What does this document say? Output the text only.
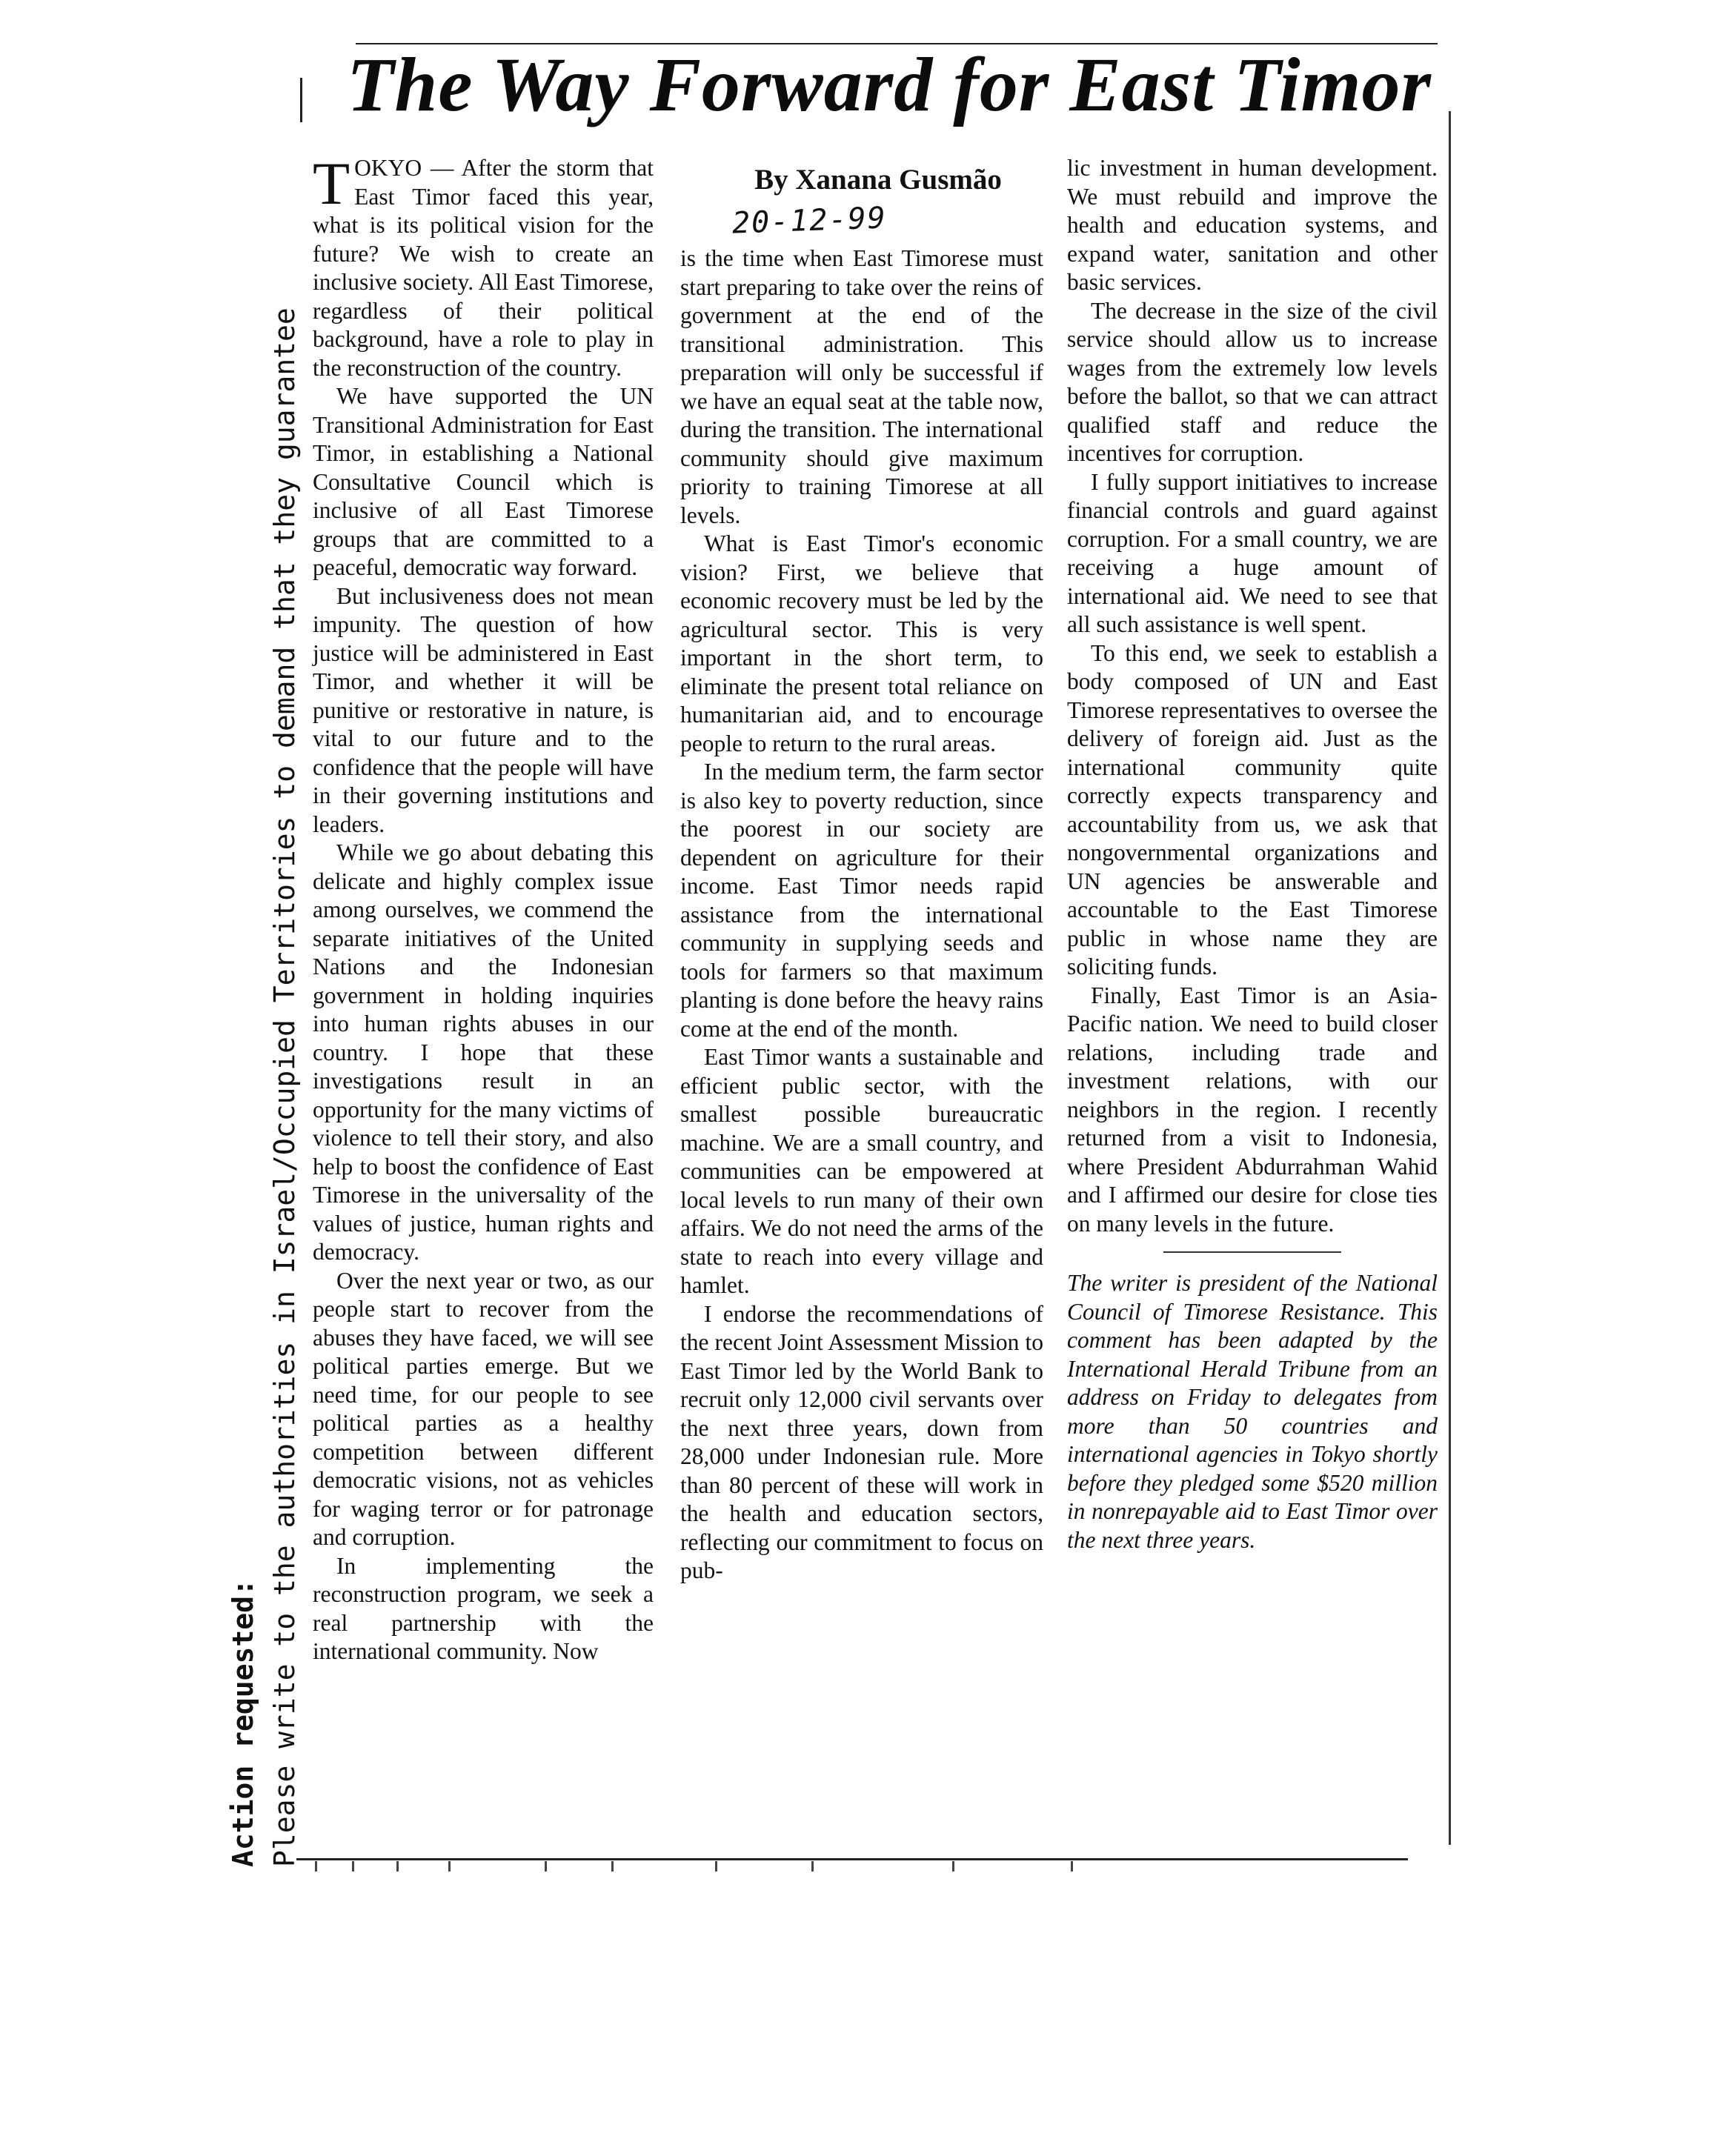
The Way Forward for East Timor
By Xanana Gusmão
20-12-99

TOKYO — After the storm that East Timor faced this year, what is its political vision for the future? We wish to create an inclusive society. All East Timorese, regardless of their political background, have a role to play in the reconstruction of the country.

We have supported the UN Transitional Administration for East Timor, in establishing a National Consultative Council which is inclusive of all East Timorese groups that are committed to a peaceful, democratic way forward.

But inclusiveness does not mean impunity. The question of how justice will be administered in East Timor, and whether it will be punitive or restorative in nature, is vital to our future and to the confidence that the people will have in their governing institutions and leaders.

While we go about debating this delicate and highly complex issue among ourselves, we commend the separate initiatives of the United Nations and the Indonesian government in holding inquiries into human rights abuses in our country. I hope that these investigations result in an opportunity for the many victims of violence to tell their story, and also help to boost the confidence of East Timorese in the universality of the values of justice, human rights and democracy.

Over the next year or two, as our people start to recover from the abuses they have faced, we will see political parties emerge. But we need time, for our people to see political parties as a healthy competition between different democratic visions, not as vehicles for waging terror or for patronage and corruption.

In implementing the reconstruction program, we seek a real partnership with the international community. Now

is the time when East Timorese must start preparing to take over the reins of government at the end of the transitional administration. This preparation will only be successful if we have an equal seat at the table now, during the transition. The international community should give maximum priority to training Timorese at all levels.

What is East Timor's economic vision? First, we believe that economic recovery must be led by the agricultural sector. This is very important in the short term, to eliminate the present total reliance on humanitarian aid, and to encourage people to return to the rural areas.

In the medium term, the farm sector is also key to poverty reduction, since the poorest in our society are dependent on agriculture for their income. East Timor needs rapid assistance from the international community in supplying seeds and tools for farmers so that maximum planting is done before the heavy rains come at the end of the month.

East Timor wants a sustainable and efficient public sector, with the smallest possible bureaucratic machine. We are a small country, and communities can be empowered at local levels to run many of their own affairs. We do not need the arms of the state to reach into every village and hamlet.

I endorse the recommendations of the recent Joint Assessment Mission to East Timor led by the World Bank to recruit only 12,000 civil servants over the next three years, down from 28,000 under Indonesian rule. More than 80 percent of these will work in the health and education sectors, reflecting our commitment to focus on pub-

lic investment in human development. We must rebuild and improve the health and education systems, and expand water, sanitation and other basic services.

The decrease in the size of the civil service should allow us to increase wages from the extremely low levels before the ballot, so that we can attract qualified staff and reduce the incentives for corruption.

I fully support initiatives to increase financial controls and guard against corruption. For a small country, we are receiving a huge amount of international aid. We need to see that all such assistance is well spent.

To this end, we seek to establish a body composed of UN and East Timorese representatives to oversee the delivery of foreign aid. Just as the international community quite correctly expects transparency and accountability from us, we ask that nongovernmental organizations and UN agencies be answerable and accountable to the East Timorese public in whose name they are soliciting funds.

Finally, East Timor is an Asia-Pacific nation. We need to build closer relations, including trade and investment relations, with our neighbors in the region. I recently returned from a visit to Indonesia, where President Abdurrahman Wahid and I affirmed our desire for close ties on many levels in the future.

The writer is president of the National Council of Timorese Resistance. This comment has been adapted by the International Herald Tribune from an address on Friday to delegates from more than 50 countries and international agencies in Tokyo shortly before they pledged some $520 million in nonrepayable aid to East Timor over the next three years.

Action requested: Please write to the authorities in Israel/Occupied Territories to demand that they guarantee
